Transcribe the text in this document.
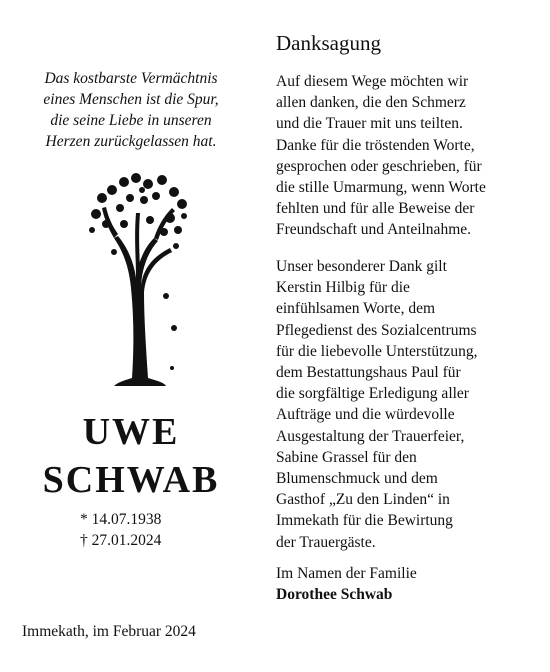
Das kostbarste Vermächtnis
eines Menschen ist die Spur,
die seine Liebe in unseren
Herzen zurückgelassen hat.

UWE
SCHWAB
* 14.07.1938
† 27.01.2024
Immekath, im Februar 2024
Danksagung

Auf diesem Wege möchten wir
allen danken, die den Schmerz
und die Trauer mit uns teilten.
Danke für die tröstenden Worte,
gesprochen oder geschrieben, für
die stille Umarmung, wenn Worte
fehlten und für alle Beweise der
Freundschaft und Anteilnahme.

Unser besonderer Dank gilt
Kerstin Hilbig für die
einfühlsamen Worte, dem
Pflegedienst des Sozialcentrums
für die liebevolle Unterstützung,
dem Bestattungshaus Paul für
die sorgfältige Erledigung aller
Aufträge und die würdevolle
Ausgestaltung der Trauerfeier,
Sabine Grassel für den
Blumenschmuck und dem
Gasthof „Zu den Linden“ in
Immekath für die Bewirtung
der Trauergäste.

Im Namen der Familie
Dorothee Schwab
